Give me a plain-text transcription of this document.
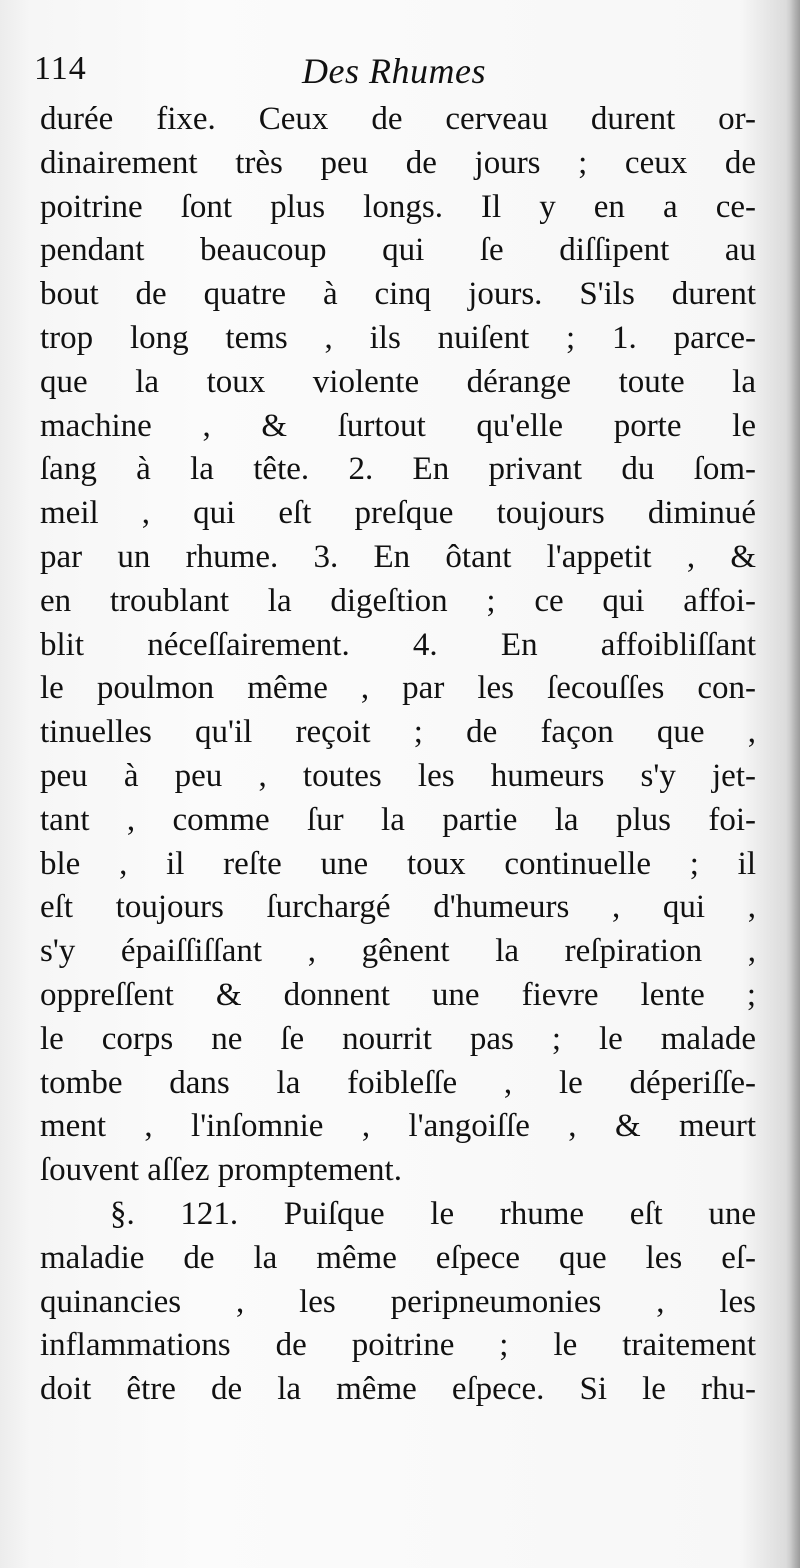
114	Des Rhumes
durée fixe. Ceux de cerveau durent or-
dinairement très peu de jours ; ceux de
poitrine ſont plus longs. Il y en a ce-
pendant beaucoup qui ſe diſſipent au
bout de quatre à cinq jours. S'ils durent
trop long tems , ils nuiſent ; 1. parce-
que la toux violente dérange toute la
machine , & ſurtout qu'elle porte le
ſang à la tête. 2. En privant du ſom-
meil , qui eſt preſque toujours diminué
par un rhume. 3. En ôtant l'appetit , &
en troublant la digeſtion ; ce qui affoi-
blit néceſſairement. 4. En affoibliſſant
le poulmon même , par les ſecouſſes con-
tinuelles qu'il reçoit ; de façon que ,
peu à peu , toutes les humeurs s'y jet-
tant , comme ſur la partie la plus foi-
ble , il reſte une toux continuelle ; il
eſt toujours ſurchargé d'humeurs , qui ,
s'y épaiſſiſſant , gênent la reſpiration ,
oppreſſent & donnent une fievre lente ;
le corps ne ſe nourrit pas ; le malade
tombe dans la foibleſſe , le déperiſſe-
ment , l'inſomnie , l'angoiſſe , & meurt
ſouvent aſſez promptement.
§. 121. Puiſque le rhume eſt une
maladie de la même eſpece que les eſ-
quinancies , les peripneumonies , les
inflammations de poitrine ; le traitement
doit être de la même eſpece. Si le rhu-
